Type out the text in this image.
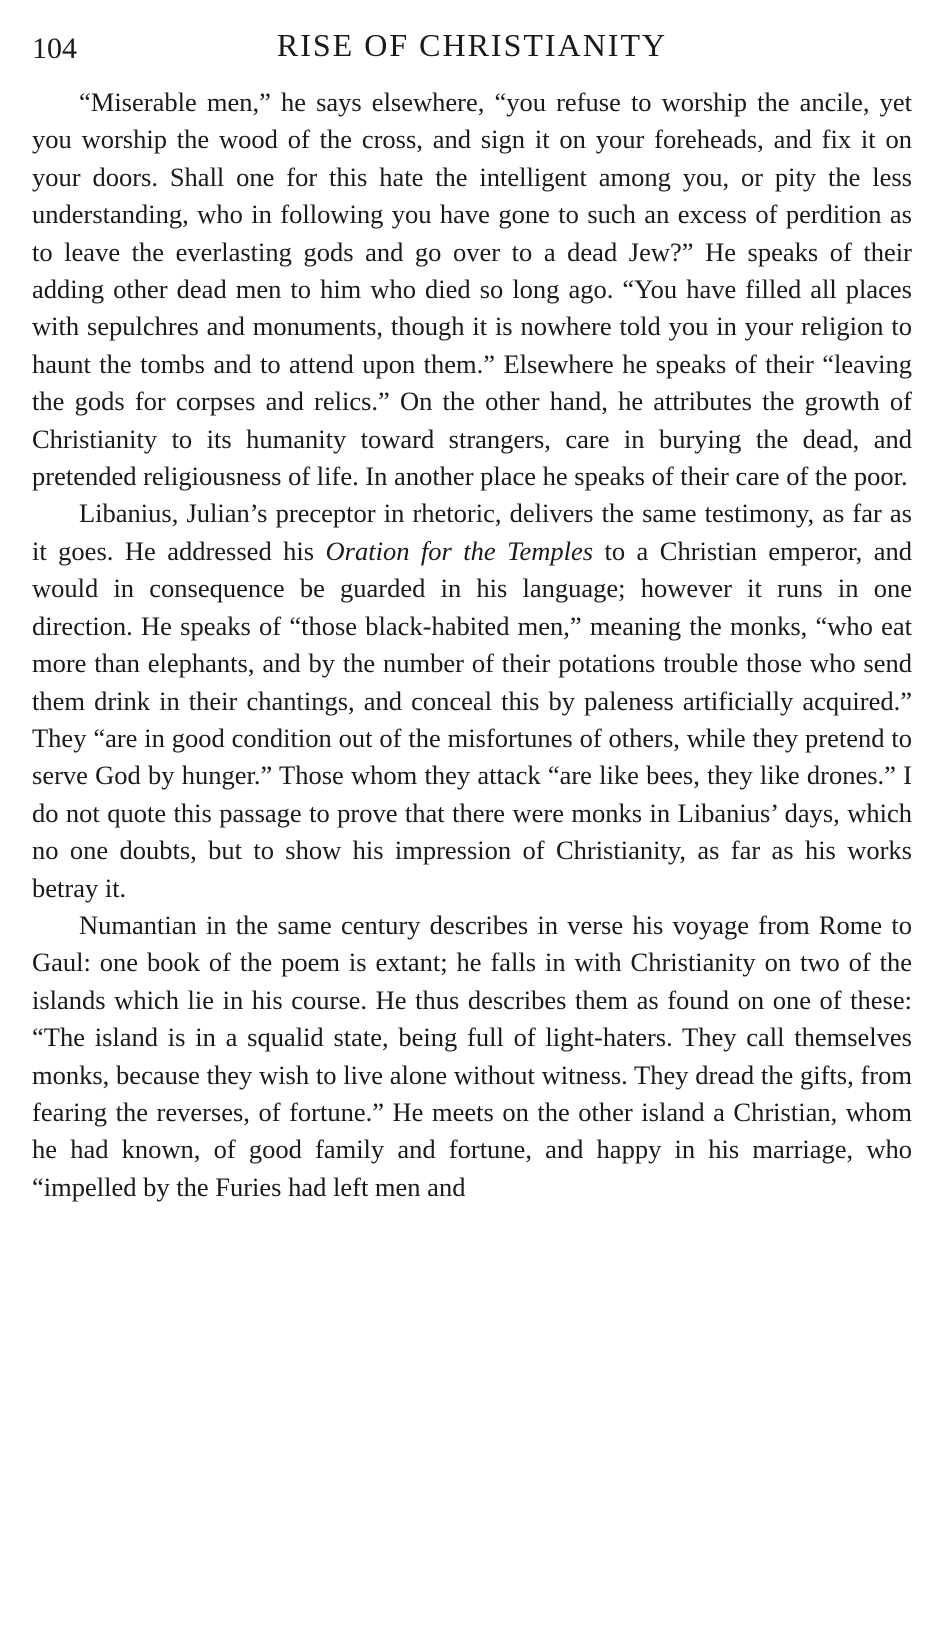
104	RISE OF CHRISTIANITY

“Miserable men,” he says elsewhere, “you refuse to worship the ancile, yet you worship the wood of the cross, and sign it on your foreheads, and fix it on your doors. Shall one for this hate the intelligent among you, or pity the less understanding, who in following you have gone to such an excess of perdition as to leave the everlasting gods and go over to a dead Jew?” He speaks of their adding other dead men to him who died so long ago. “You have filled all places with sepulchres and monuments, though it is nowhere told you in your religion to haunt the tombs and to attend upon them.” Elsewhere he speaks of their “leaving the gods for corpses and relics.” On the other hand, he attributes the growth of Christianity to its humanity toward strangers, care in burying the dead, and pretended religiousness of life. In another place he speaks of their care of the poor.

Libanius, Julian’s preceptor in rhetoric, delivers the same testimony, as far as it goes. He addressed his Oration for the Temples to a Christian emperor, and would in consequence be guarded in his language; however it runs in one direction. He speaks of “those black-habited men,” meaning the monks, “who eat more than elephants, and by the number of their potations trouble those who send them drink in their chantings, and conceal this by paleness artificially acquired.” They “are in good condition out of the misfortunes of others, while they pretend to serve God by hunger.” Those whom they attack “are like bees, they like drones.” I do not quote this passage to prove that there were monks in Libanius’ days, which no one doubts, but to show his impression of Christianity, as far as his works betray it.

Numantian in the same century describes in verse his voyage from Rome to Gaul: one book of the poem is extant; he falls in with Christianity on two of the islands which lie in his course. He thus describes them as found on one of these: “The island is in a squalid state, being full of light-haters. They call themselves monks, because they wish to live alone without witness. They dread the gifts, from fearing the reverses, of fortune.” He meets on the other island a Christian, whom he had known, of good family and fortune, and happy in his marriage, who “impelled by the Furies had left men and
